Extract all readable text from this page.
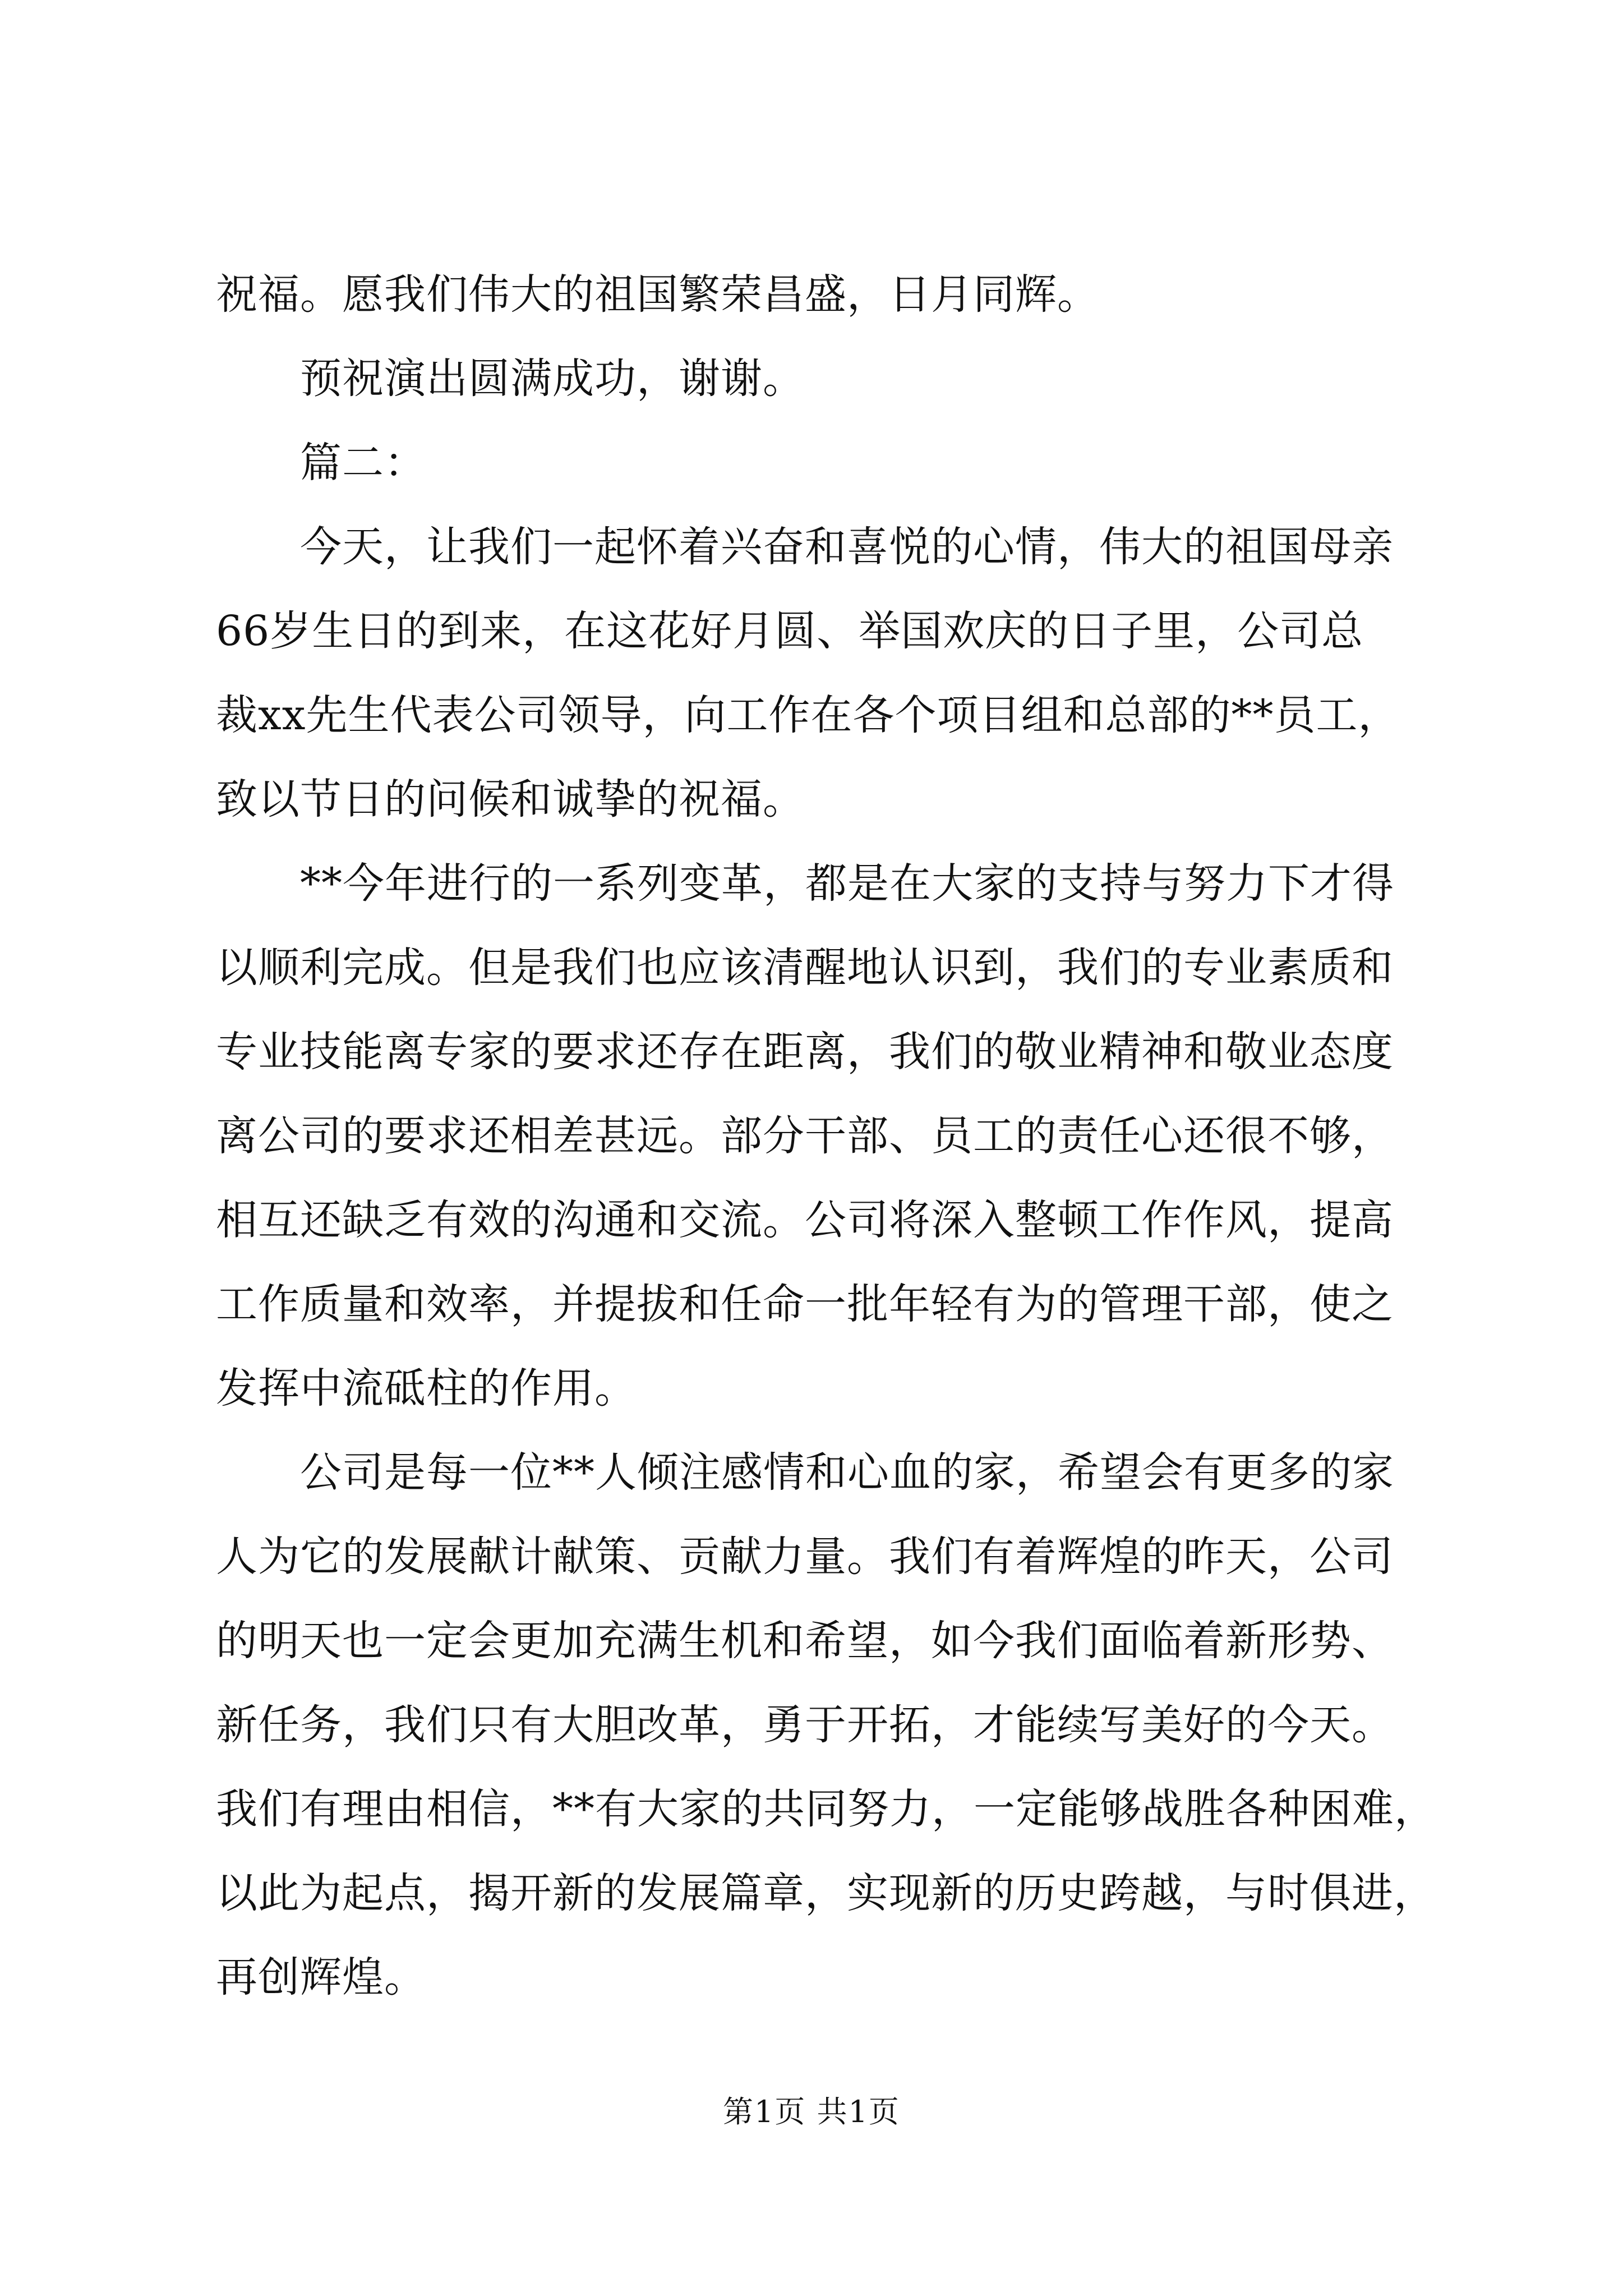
祝福。愿我们伟大的祖国繁荣昌盛，日月同辉。
预祝演出圆满成功，谢谢。
篇二：
今天，让我们一起怀着兴奋和喜悦的心情，伟大的祖国母亲
66岁生日的到来，在这花好月圆、举国欢庆的日子里，公司总
裁xx先生代表公司领导，向工作在各个项目组和总部的**员工，
致以节日的问候和诚挚的祝福。
**今年进行的一系列变革，都是在大家的支持与努力下才得
以顺利完成。但是我们也应该清醒地认识到，我们的专业素质和
专业技能离专家的要求还存在距离，我们的敬业精神和敬业态度
离公司的要求还相差甚远。部分干部、员工的责任心还很不够，
相互还缺乏有效的沟通和交流。公司将深入整顿工作作风，提高
工作质量和效率，并提拔和任命一批年轻有为的管理干部，使之
发挥中流砥柱的作用。
公司是每一位**人倾注感情和心血的家，希望会有更多的家
人为它的发展献计献策、贡献力量。我们有着辉煌的昨天，公司
的明天也一定会更加充满生机和希望，如今我们面临着新形势、
新任务，我们只有大胆改革，勇于开拓，才能续写美好的今天。
我们有理由相信，**有大家的共同努力，一定能够战胜各种困难，
以此为起点，揭开新的发展篇章，实现新的历史跨越，与时俱进，
再创辉煌。
第1页 共1页
